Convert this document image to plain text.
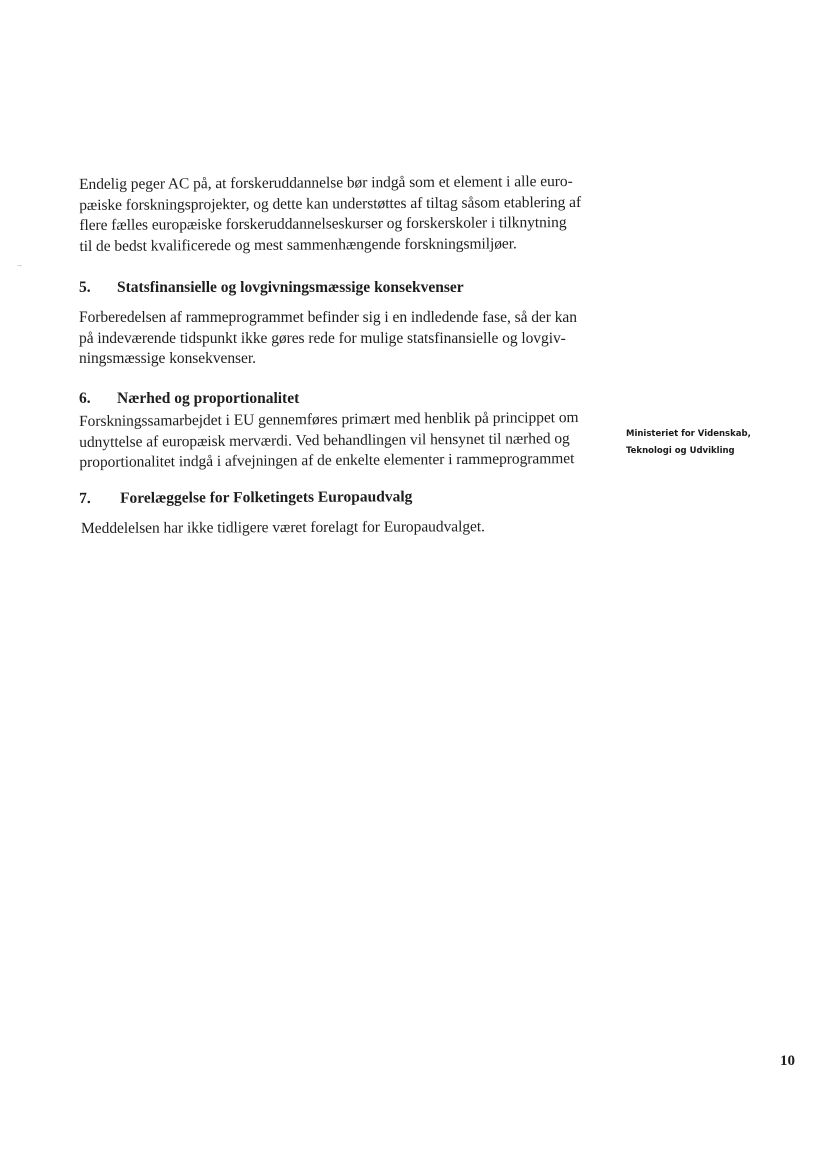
·‐

Endelig peger AC på, at forskeruddannelse bør indgå som et element i alle euro-
pæiske forskningsprojekter, og dette kan understøttes af tiltag såsom etablering af
flere fælles europæiske forskeruddannelseskurser og forskerskoler i tilknytning
til de bedst kvalificerede og mest sammenhængende forskningsmiljøer.

5.	Statsfinansielle og lovgivningsmæssige konsekvenser

Forberedelsen af rammeprogrammet befinder sig i en indledende fase, så der kan
på indeværende tidspunkt ikke gøres rede for mulige statsfinansielle og lovgiv-
ningsmæssige konsekvenser.

6.	Nærhed og proportionalitet

Forskningssamarbejdet i EU gennemføres primært med henblik på princippet om
udnyttelse af europæisk merværdi. Ved behandlingen vil hensynet til nærhed og
proportionalitet indgå i afvejningen af de enkelte elementer i rammeprogrammet

7.	Forelæggelse for Folketingets Europaudvalg

Meddelelsen har ikke tidligere været forelagt for Europaudvalget.

Ministeriet for Videnskab,
Teknologi og Udvikling
10
